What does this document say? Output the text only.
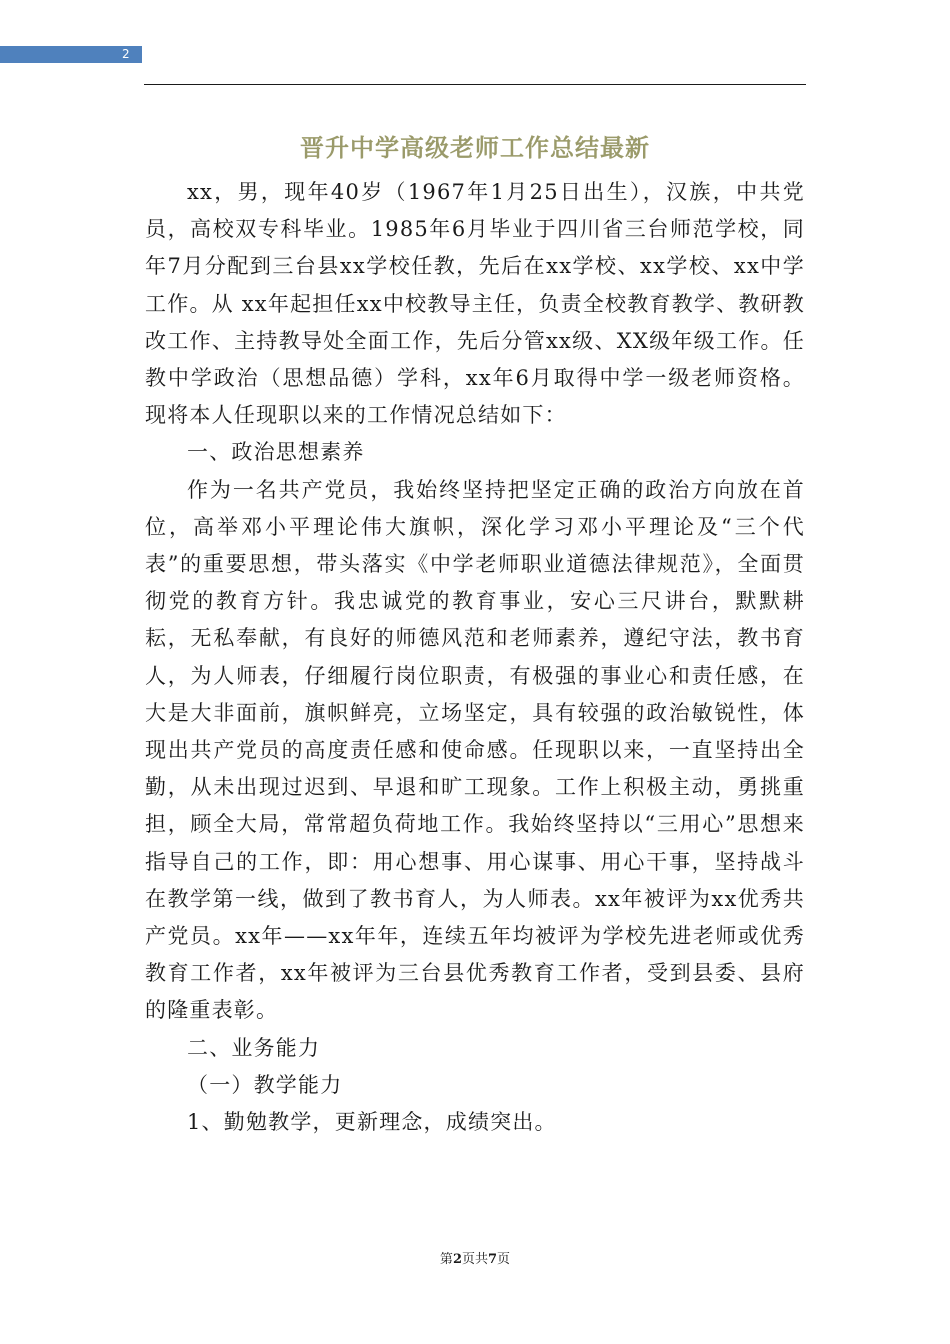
2
晋升中学高级老师工作总结最新

xx，男，现年40岁（1967年1月25日出生），汉族，中共党员，高校双专科毕业。1985年6月毕业于四川省三台师范学校，同年7月分配到三台县xx学校任教，先后在xx学校、xx学校、xx中学工作。从 xx年起担任xx中校教导主任，负责全校教育教学、教研教改工作、主持教导处全面工作，先后分管xx级、XX级年级工作。任教中学政治（思想品德）学科，xx年6月取得中学一级老师资格。现将本人任现职以来的工作情况总结如下：

一、政治思想素养

作为一名共产党员，我始终坚持把坚定正确的政治方向放在首位，高举邓小平理论伟大旗帜，深化学习邓小平理论及“三个代表”的重要思想，带头落实《中学老师职业道德法律规范》，全面贯彻党的教育方针。我忠诚党的教育事业，安心三尺讲台，默默耕耘，无私奉献，有良好的师德风范和老师素养，遵纪守法，教书育人，为人师表，仔细履行岗位职责，有极强的事业心和责任感，在大是大非面前，旗帜鲜亮，立场坚定，具有较强的政治敏锐性，体现出共产党员的高度责任感和使命感。任现职以来，一直坚持出全勤，从未出现过迟到、早退和旷工现象。工作上积极主动，勇挑重担，顾全大局，常常超负荷地工作。我始终坚持以“三用心”思想来指导自己的工作，即：用心想事、用心谋事、用心干事，坚持战斗在教学第一线，做到了教书育人，为人师表。xx年被评为xx优秀共产党员。xx年——xx年年，连续五年均被评为学校先进老师或优秀教育工作者，xx年被评为三台县优秀教育工作者，受到县委、县府的隆重表彰。

二、业务能力

（一）教学能力

1、勤勉教学，更新理念，成绩突出。

第2页共7页
